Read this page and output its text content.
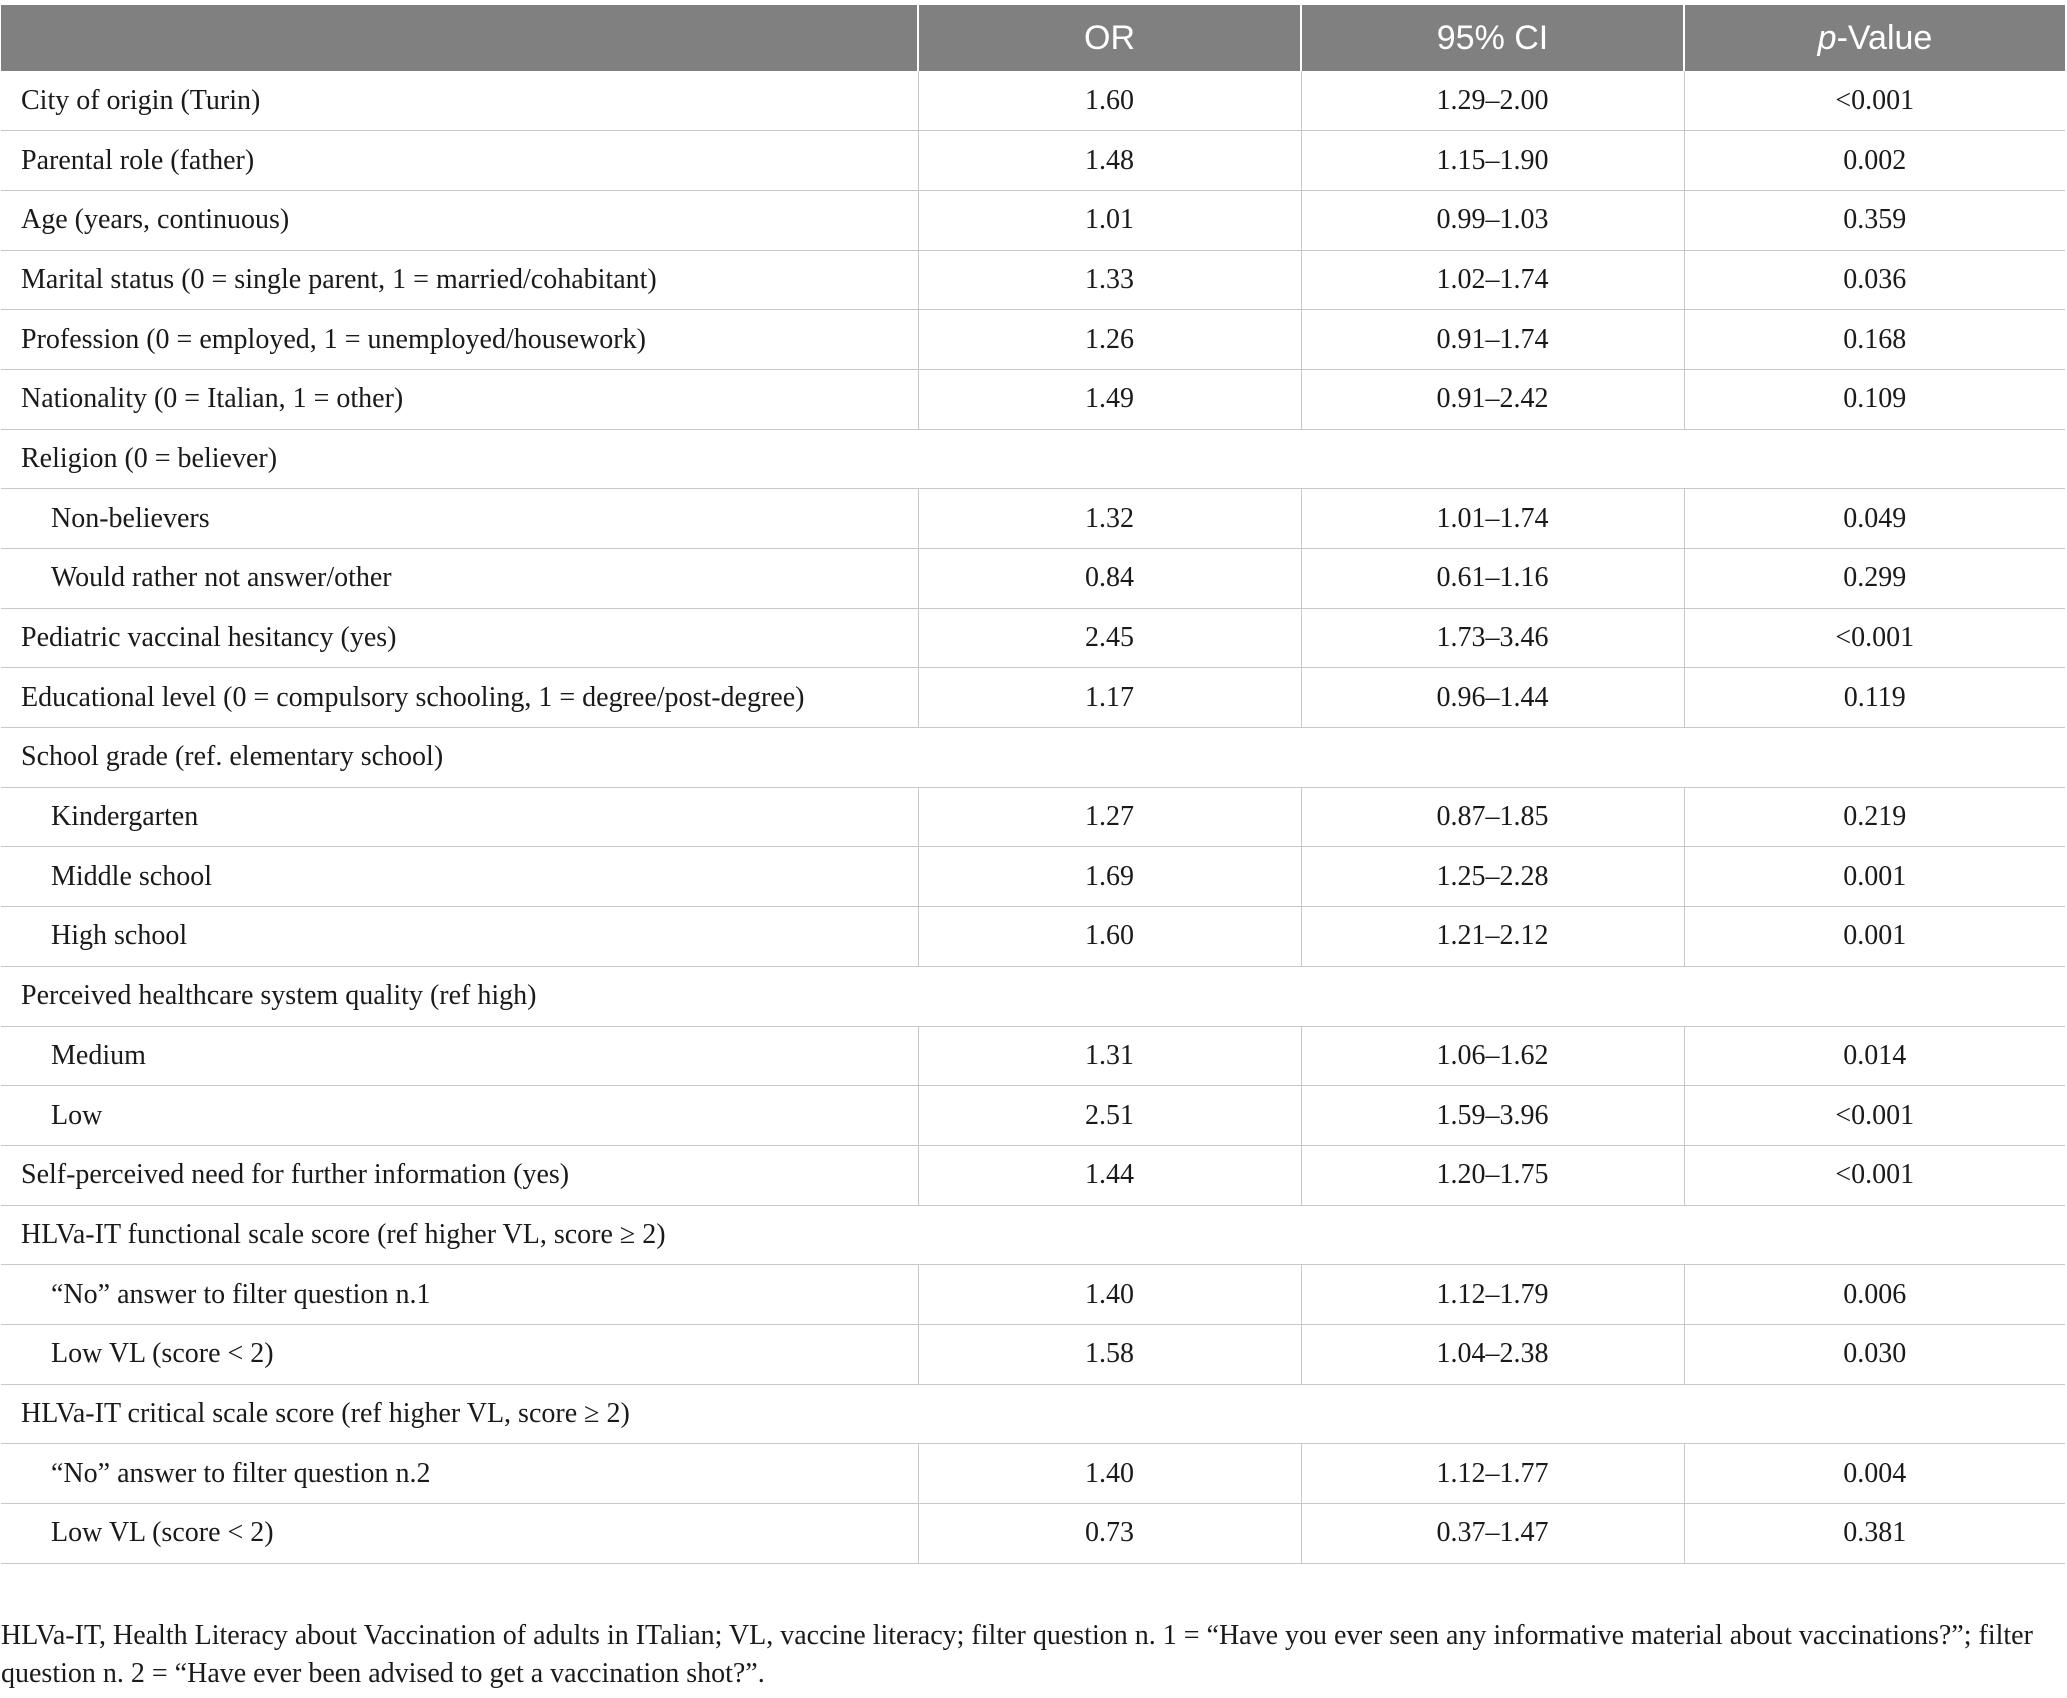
	OR	95% CI	p-Value
City of origin (Turin)	1.60	1.29–2.00	<0.001
Parental role (father)	1.48	1.15–1.90	0.002
Age (years, continuous)	1.01	0.99–1.03	0.359
Marital status (0 = single parent, 1 = married/cohabitant)	1.33	1.02–1.74	0.036
Profession (0 = employed, 1 = unemployed/housework)	1.26	0.91–1.74	0.168
Nationality (0 = Italian, 1 = other)	1.49	0.91–2.42	0.109
Religion (0 = believer)			
Non-believers	1.32	1.01–1.74	0.049
Would rather not answer/other	0.84	0.61–1.16	0.299
Pediatric vaccinal hesitancy (yes)	2.45	1.73–3.46	<0.001
Educational level (0 = compulsory schooling, 1 = degree/post-degree)	1.17	0.96–1.44	0.119
School grade (ref. elementary school)			
Kindergarten	1.27	0.87–1.85	0.219
Middle school	1.69	1.25–2.28	0.001
High school	1.60	1.21–2.12	0.001
Perceived healthcare system quality (ref high)			
Medium	1.31	1.06–1.62	0.014
Low	2.51	1.59–3.96	<0.001
Self-perceived need for further information (yes)	1.44	1.20–1.75	<0.001
HLVa-IT functional scale score (ref higher VL, score ≥ 2)			
“No” answer to filter question n.1	1.40	1.12–1.79	0.006
Low VL (score < 2)	1.58	1.04–2.38	0.030
HLVa-IT critical scale score (ref higher VL, score ≥ 2)			
“No” answer to filter question n.2	1.40	1.12–1.77	0.004
Low VL (score < 2)	0.73	0.37–1.47	0.381
HLVa-IT, Health Literacy about Vaccination of adults in ITalian; VL, vaccine literacy; filter question n. 1 = “Have you ever seen any informative material about vaccinations?”; filter question n. 2 = “Have ever been advised to get a vaccination shot?”.
